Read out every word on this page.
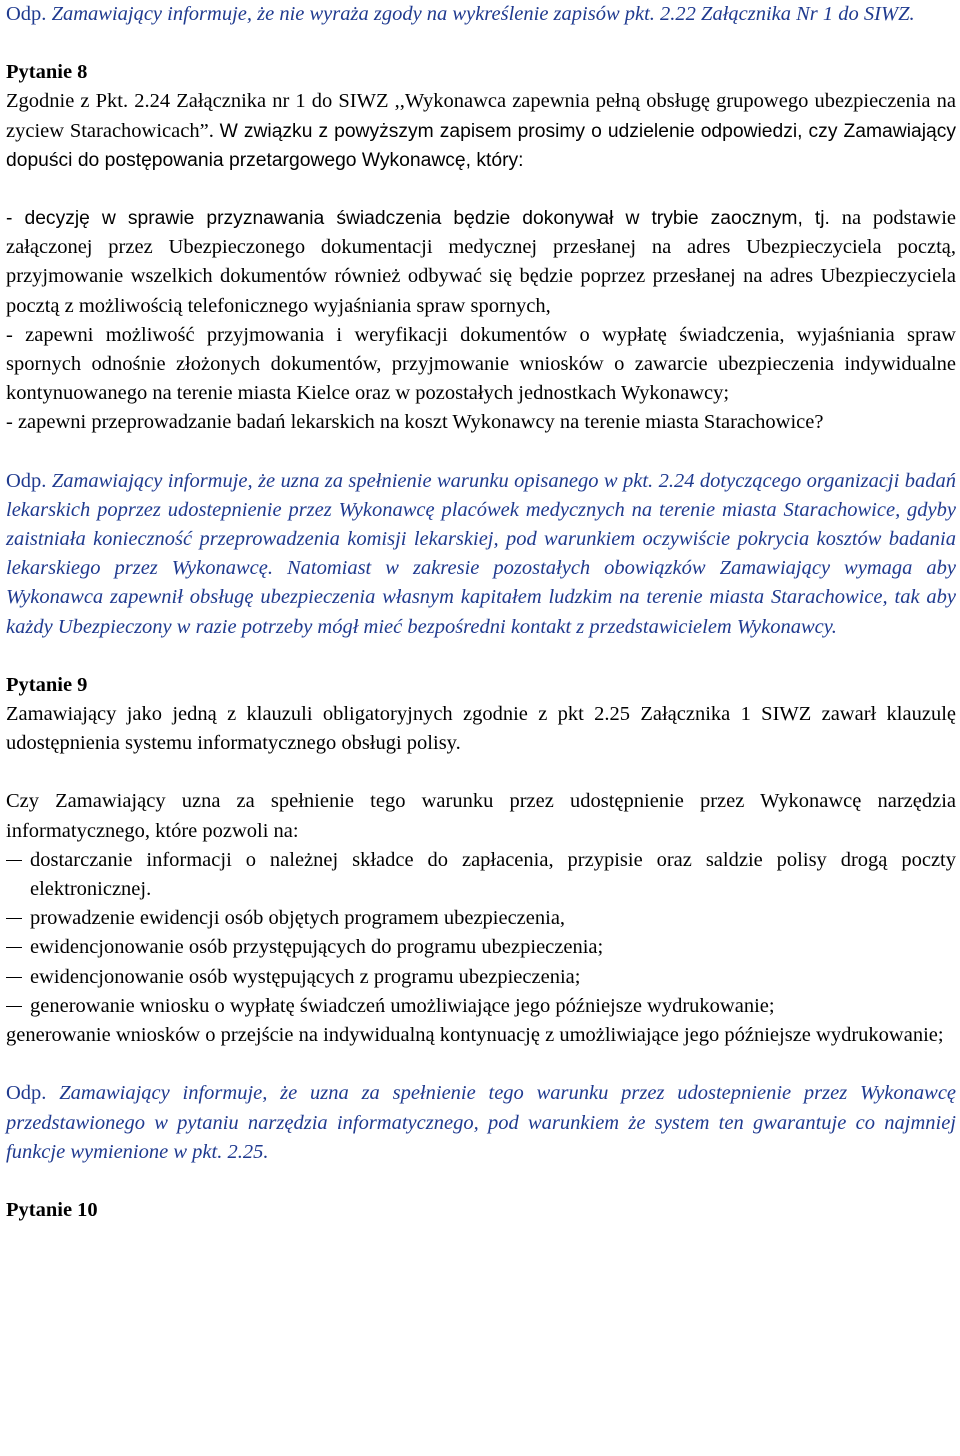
Odp. Zamawiający informuje, że nie wyraża zgody na wykreślenie zapisów pkt. 2.22 Załącznika Nr 1 do SIWZ.

Pytanie 8

Zgodnie z Pkt. 2.24 Załącznika nr 1 do SIWZ ,,Wykonawca zapewnia pełną obsługę grupowego ubezpieczenia na zyciew Starachowicach”. W związku z powyższym zapisem prosimy o udzielenie odpowiedzi, czy Zamawiający dopuści do postępowania przetargowego Wykonawcę, który:

- decyzję w sprawie przyznawania świadczenia będzie dokonywał w trybie zaocznym, tj. na podstawie załączonej przez Ubezpieczonego dokumentacji medycznej przesłanej na adres Ubezpieczyciela pocztą, przyjmowanie wszelkich dokumentów również odbywać się będzie poprzez przesłanej na adres Ubezpieczyciela pocztą z możliwością telefonicznego wyjaśniania spraw spornych,

- zapewni możliwość przyjmowania i weryfikacji dokumentów o wypłatę świadczenia, wyjaśniania spraw spornych odnośnie złożonych dokumentów, przyjmowanie wniosków o zawarcie ubezpieczenia indywidualne kontynuowanego na terenie miasta Kielce oraz w pozostałych jednostkach Wykonawcy;

- zapewni przeprowadzanie badań lekarskich na koszt Wykonawcy na terenie miasta Starachowice?

Odp. Zamawiający informuje, że uzna za spełnienie warunku opisanego w pkt. 2.24 dotyczącego organizacji badań lekarskich poprzez udostepnienie przez Wykonawcę placówek medycznych na terenie miasta Starachowice, gdyby zaistniała konieczność przeprowadzenia komisji lekarskiej, pod warunkiem oczywiście pokrycia kosztów badania lekarskiego przez Wykonawcę. Natomiast w zakresie pozostałych obowiązków Zamawiający wymaga aby Wykonawca zapewnił obsługę ubezpieczenia własnym kapitałem ludzkim na terenie miasta Starachowice, tak aby każdy Ubezpieczony w razie potrzeby mógł mieć bezpośredni kontakt z przedstawicielem Wykonawcy.

Pytanie 9

Zamawiający jako jedną z klauzuli obligatoryjnych zgodnie z pkt 2.25 Załącznika 1 SIWZ zawarł klauzulę udostępnienia systemu informatycznego obsługi polisy.

Czy Zamawiający uzna za spełnienie tego warunku przez udostępnienie przez Wykonawcę narzędzia informatycznego, które pozwoli na:

dostarczanie informacji o należnej składce do zapłacenia, przypisie oraz saldzie polisy drogą poczty elektronicznej.
prowadzenie ewidencji osób objętych programem ubezpieczenia,
ewidencjonowanie osób przystępujących do programu ubezpieczenia;
ewidencjonowanie osób występujących z programu ubezpieczenia;
generowanie wniosku o wypłatę świadczeń umożliwiające jego późniejsze wydrukowanie;

generowanie wniosków o przejście na indywidualną kontynuację z umożliwiające jego późniejsze wydrukowanie;

Odp. Zamawiający informuje, że uzna za spełnienie tego warunku przez udostepnienie przez Wykonawcę przedstawionego w pytaniu narzędzia informatycznego, pod warunkiem że system ten gwarantuje co najmniej funkcje wymienione w pkt. 2.25.

Pytanie 10
